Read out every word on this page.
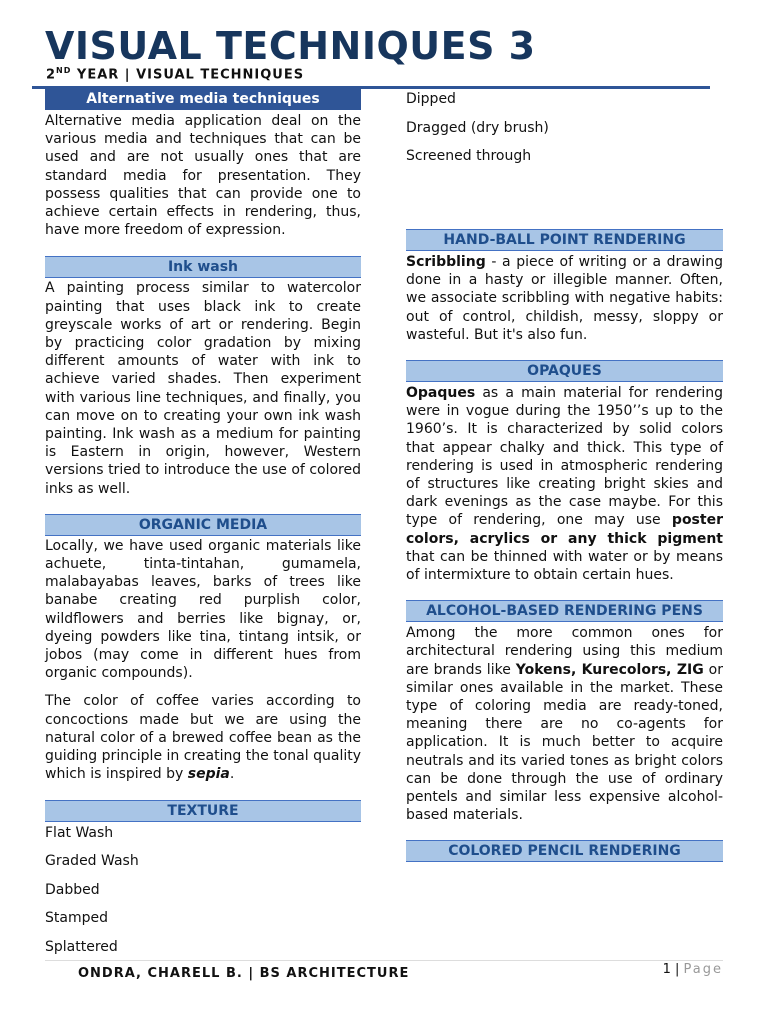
VISUAL TECHNIQUES 3
2ND YEAR | VISUAL TECHNIQUES
Alternative media techniques

Alternative media application deal on the various media and techniques that can be used and are not usually ones that are standard media for presentation. They possess qualities that can provide one to achieve certain effects in rendering, thus, have more freedom of expression.

Ink wash

A painting process similar to watercolor painting that uses black ink to create greyscale works of art or rendering. Begin by practicing color gradation by mixing different amounts of water with ink to achieve varied shades. Then experiment with various line techniques, and finally, you can move on to creating your own ink wash painting. Ink wash as a medium for painting is Eastern in origin, however, Western versions tried to introduce the use of colored inks as well.

ORGANIC MEDIA

Locally, we have used organic materials like achuete, tinta-tintahan, gumamela, malabayabas leaves, barks of trees like banabe creating red purplish color, wildflowers and berries like bignay, or, dyeing powders like tina, tintang intsik, or jobos (may come in different hues from organic compounds).

The color of coffee varies according to concoctions made but we are using the natural color of a brewed coffee bean as the guiding principle in creating the tonal quality which is inspired by sepia.

TEXTURE

Flat Wash

Graded Wash

Dabbed

Stamped

Splattered

Dipped

Dragged (dry brush)

Screened through

HAND-BALL POINT RENDERING

Scribbling - a piece of writing or a drawing done in a hasty or illegible manner. Often, we associate scribbling with negative habits: out of control, childish, messy, sloppy or wasteful. But it's also fun.

OPAQUES

Opaques as a main material for rendering were in vogue during the 1950’’s up to the 1960’s. It is characterized by solid colors that appear chalky and thick. This type of rendering is used in atmospheric rendering of structures like creating bright skies and dark evenings as the case maybe. For this type of rendering, one may use poster colors, acrylics or any thick pigment that can be thinned with water or by means of intermixture to obtain certain hues.

ALCOHOL-BASED RENDERING PENS

Among the more common ones for architectural rendering using this medium are brands like Yokens, Kurecolors, ZIG or similar ones available in the market. These type of coloring media are ready-toned, meaning there are no co-agents for application. It is much better to acquire neutrals and its varied tones as bright colors can be done through the use of ordinary pentels and similar less expensive alcohol-based materials.

COLORED PENCIL RENDERING
ONDRA, CHARELL B. | BS ARCHITECTURE	1 | Page
